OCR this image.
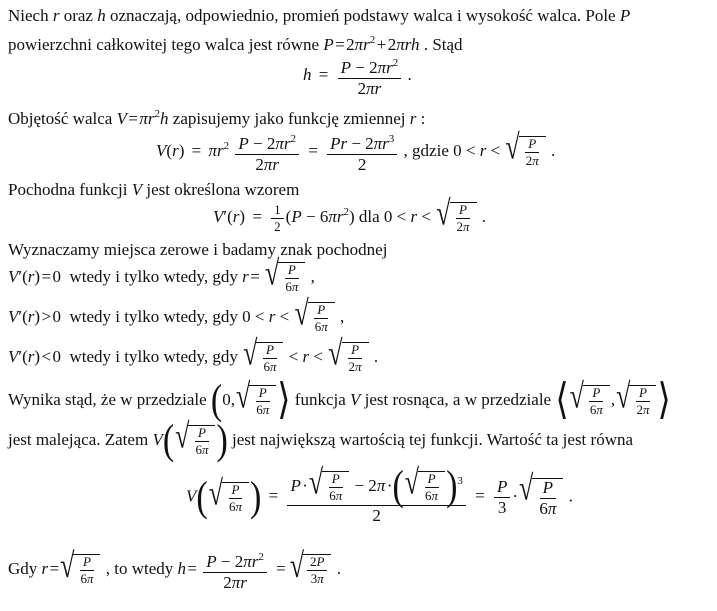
Niech r oraz h oznaczają, odpowiednio, promień podstawy walca i wysokość walca. Pole P
powierzchni całkowitej tego walca jest równe P = $2\pi r^2$ + 2πrh . Stąd
$h = \frac{P - 2\pi r^2}{2\pi r}$ .
Objętość walca V = $\pi r^2h$ zapisujemy jako funkcję zmiennej r :
$V(r) = \pi r^2 \frac{P - 2\pi r^2}{2\pi r} = \frac{Pr - 2\pi r^3}{2}$ , gdzie 0 < r < √ $\frac{P}{2\pi}$ .
Pochodna funkcji V jest określona wzorem
$V'(r) = \frac{1}{2} (P - 6\pi r^2)$ dla 0 < r < √ $\frac{P}{2\pi}$ .
Wyznaczamy miejsca zerowe i badamy znak pochodnej
V′(r) = 0  wtedy i tylko wtedy, gdy r = √ $\frac{P}{6\pi}$ ,
V′(r) > 0  wtedy i tylko wtedy, gdy 0 < r < √ $\frac{P}{6\pi}$ ,
V′(r) < 0  wtedy i tylko wtedy, gdy √ $\frac{P}{6\pi} < r$ < √ $\frac{P}{2\pi}$ .
Wynika stąd, że w przedziale (0, √ $\frac{P}{6\pi}$ ⟩ funkcja V jest rosnąca, a w przedziale ⟨ √ $\frac{P}{6\pi}$ , √ $\frac{P}{2\pi}$ ⟩
jest malejąca. Zatem V( √ $\frac{P}{6\pi}$ ) jest największą wartością tej funkcji. Wartość ta jest równa
V( √ $\frac{P}{6\pi}$ ) = $\frac{P \cdot √ \frac{P}{6\pi} - 2\pi \cdot( √ \frac{P}{6\pi} )^3}{2} = \frac{P}{3}$ · √ $\frac{P}{6\pi}$ .
Gdy r = √ $\frac{P}{6\pi}$ , to wtedy h = $\frac{P - 2\pi r^2}{2\pi r}$ = √ $\frac{2P}{3\pi}$ .
